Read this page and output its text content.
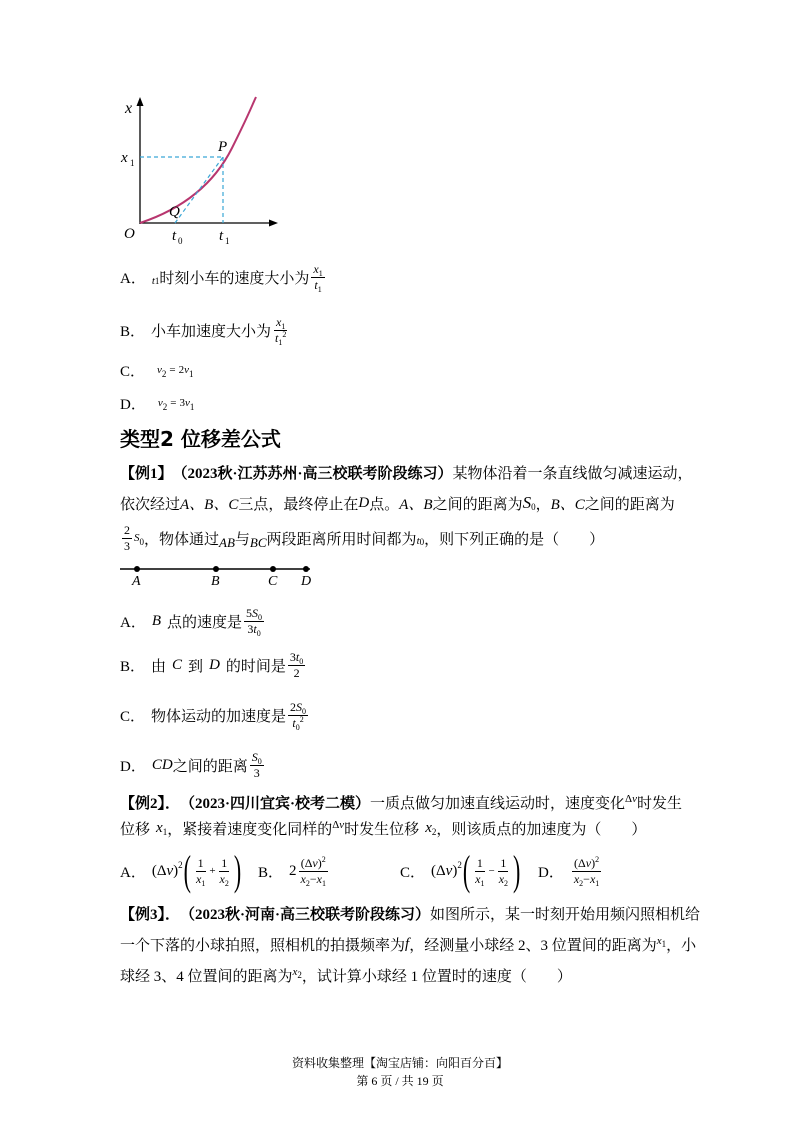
x
x 1
P
Q
O t 0 t 1
A． t 1 时刻小车的速度大小为
$x_1$
$t_1$
B． 小车加速度大小为
$x_1$
$t_1^2$
C． v 2 = 2 v 1
D． v 2 = 3 v 1
类型2 位移差公式
【例1】 （2023秋·江苏苏州·高三校联考阶段练习） 某物体沿着一条直线做匀减速运动，
依次经过 A、B、C 三点，最终停止在 D 点。 A、B 之间的距离为 S 0 ， B、C 之间的距离为
$\frac{2}{3}$ S 0 ，物体通过 AB 与 BC 两段距离所用时间都为 t 0 ，则下列正确的是（　　）
A	B	C D
A． B 点的速度是
$5S_0$
$3t_0$
B． 由 C 到 D 的时间是
$3t_0$
2
C． 物体运动的加速度是
$2S_0$
$t_0^2$
D． CD 之间的距离
$S_0$
3
【例2】． （2023·四川宜宾·校考二模） 一质点做匀加速直线运动时，速度变化 Δ v 时发生
位移 x 1 ，紧接着速度变化同样的 Δ v 时发生位移 x 2 ，则该质点的加速度为（　　）
A． ( Δ v ) 2 ( 1
$x_1$
+ $\frac{1}{x_2}$ ) B． 2 $(\Delta v)^2$
$x_2-x_1$
C． ( Δ v ) 2 ( 1
$x_1$
− $\frac{1}{x_2}$ ) D．
$(\Delta v)^2$
$x_2-x_1$
【例3】． （2023秋·河南·高三校联考阶段练习） 如图所示，某一时刻开始用频闪照相机给
一个下落的小球拍照，照相机的拍摄频率为 f ，经测量小球经 2、3 位置间的距离为 x 1 ，小
球经 3、4 位置间的距离为 x 2 ，试计算小球经 1 位置时的速度（　　）
资料收集整理【淘宝店铺：向阳百分百】
第 6 页 / 共 19 页
